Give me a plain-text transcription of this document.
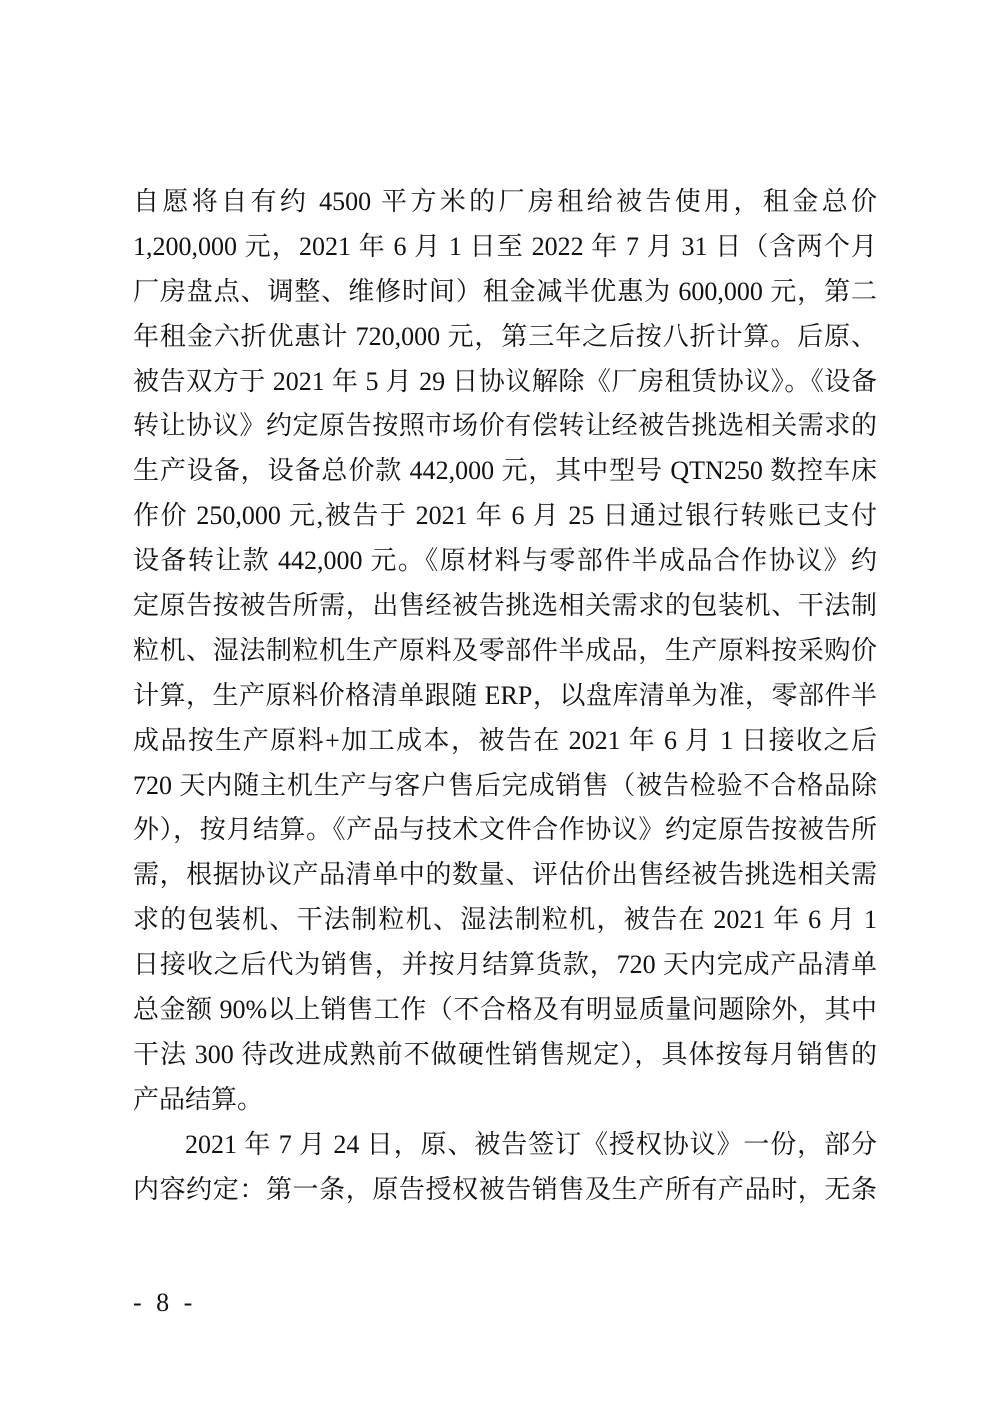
自愿将自有约 4500 平方米的厂房租给被告使用，租金总价
1,200,000 元，2021 年 6 月 1 日至 2022 年 7 月 31 日（含两个月
厂房盘点、调整、维修时间）租金减半优惠为 600,000 元，第二
年租金六折优惠计 720,000 元，第三年之后按八折计算。后原、
被告双方于 2021 年 5 月 29 日协议解除《厂房租赁协议》。《设备
转让协议》约定原告按照市场价有偿转让经被告挑选相关需求的
生产设备，设备总价款 442,000 元，其中型号 QTN250 数控车床
作价 250,000 元,被告于 2021 年 6 月 25 日通过银行转账已支付
设备转让款 442,000 元。《原材料与零部件半成品合作协议》约
定原告按被告所需，出售经被告挑选相关需求的包装机、干法制
粒机、湿法制粒机生产原料及零部件半成品，生产原料按采购价
计算，生产原料价格清单跟随 ERP，以盘库清单为准，零部件半
成品按生产原料+加工成本，被告在 2021 年 6 月 1 日接收之后
720 天内随主机生产与客户售后完成销售（被告检验不合格品除
外），按月结算。《产品与技术文件合作协议》约定原告按被告所
需，根据协议产品清单中的数量、评估价出售经被告挑选相关需
求的包装机、干法制粒机、湿法制粒机，被告在 2021 年 6 月 1
日接收之后代为销售，并按月结算货款，720 天内完成产品清单
总金额 90%以上销售工作（不合格及有明显质量问题除外，其中
干法 300 待改进成熟前不做硬性销售规定），具体按每月销售的
产品结算。
2021 年 7 月 24 日，原、被告签订《授权协议》一份，部分
内容约定：第一条，原告授权被告销售及生产所有产品时，无条
- 8 -
